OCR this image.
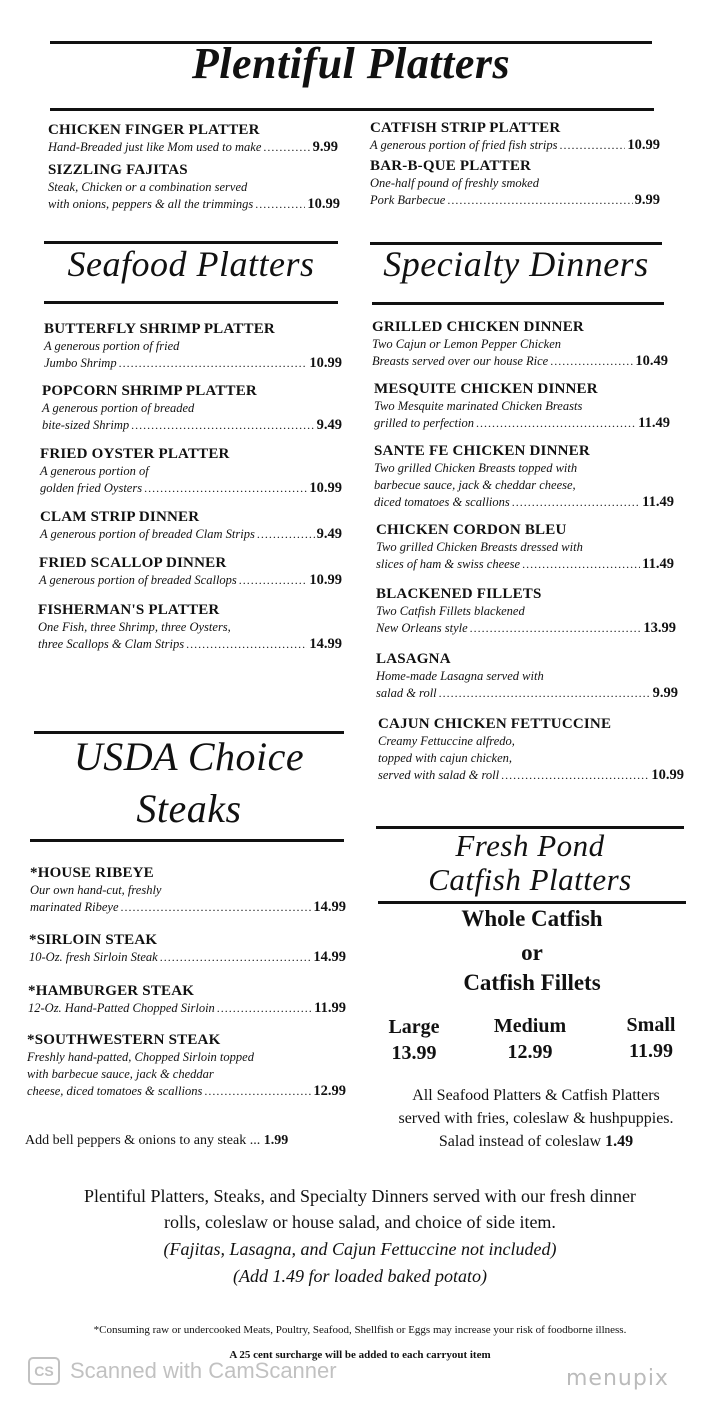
Plentiful Platters
CHICKEN FINGER PLATTER
Hand-Breaded just like Mom used to make .....	9.99
SIZZLING FAJITAS
Steak, Chicken or a combination served
with onions, peppers & all the trimmings .....	10.99
CATFISH STRIP PLATTER
A generous portion of fried fish strips .....	10.99
BAR-B-QUE PLATTER
One-half pound of freshly smoked
Pork Barbecue .....	9.99
Seafood Platters
BUTTERFLY SHRIMP PLATTER
A generous portion of fried
Jumbo Shrimp .....	10.99
POPCORN SHRIMP PLATTER
A generous portion of breaded
bite-sized Shrimp .....	9.49
FRIED OYSTER PLATTER
A generous portion of
golden fried Oysters .....	10.99
CLAM STRIP DINNER
A generous portion of breaded Clam Strips .....	9.49
FRIED SCALLOP DINNER
A generous portion of breaded Scallops .....	10.99
FISHERMAN'S PLATTER
One Fish, three Shrimp, three Oysters,
three Scallops & Clam Strips .....	14.99
Specialty Dinners
GRILLED CHICKEN DINNER
Two Cajun or Lemon Pepper Chicken
Breasts served over our house Rice .....	10.49
MESQUITE CHICKEN DINNER
Two Mesquite marinated Chicken Breasts
grilled to perfection .....	11.49
SANTE FE CHICKEN DINNER
Two grilled Chicken Breasts topped with
barbecue sauce, jack & cheddar cheese,
diced tomatoes & scallions .....	11.49
CHICKEN CORDON BLEU
Two grilled Chicken Breasts dressed with
slices of ham & swiss cheese .....	11.49
BLACKENED FILLETS
Two Catfish Fillets blackened
New Orleans style .....	13.99
LASAGNA
Home-made Lasagna served with
salad & roll .....	9.99
CAJUN CHICKEN FETTUCCINE
Creamy Fettuccine alfredo,
topped with cajun chicken,
served with salad & roll .....	10.99
USDA Choice
Steaks
*HOUSE RIBEYE
Our own hand-cut, freshly
marinated Ribeye .....	14.99
*SIRLOIN STEAK
10-Oz. fresh Sirloin Steak .....	14.99
*HAMBURGER STEAK
12-Oz. Hand-Patted Chopped Sirloin .....	11.99
*SOUTHWESTERN STEAK
Freshly hand-patted, Chopped Sirloin topped
with barbecue sauce, jack & cheddar
cheese, diced tomatoes & scallions .....	12.99
Add bell peppers & onions to any steak ... 1.99
Fresh Pond
Catfish Platters
Whole Catfish
or
Catfish Fillets
Large
13.99
Medium
12.99
Small
11.99
All Seafood Platters & Catfish Platters
served with fries, coleslaw & hushpuppies.
Salad instead of coleslaw 1.49
Plentiful Platters, Steaks, and Specialty Dinners served with our fresh dinner
rolls, coleslaw or house salad, and choice of side item.
(Fajitas, Lasagna, and Cajun Fettuccine not included)
(Add 1.49 for loaded baked potato)
*Consuming raw or undercooked Meats, Poultry, Seafood, Shellfish or Eggs may increase your risk of foodborne illness.
A 25 cent surcharge will be added to each carryout item
CS Scanned with CamScanner	menupix
